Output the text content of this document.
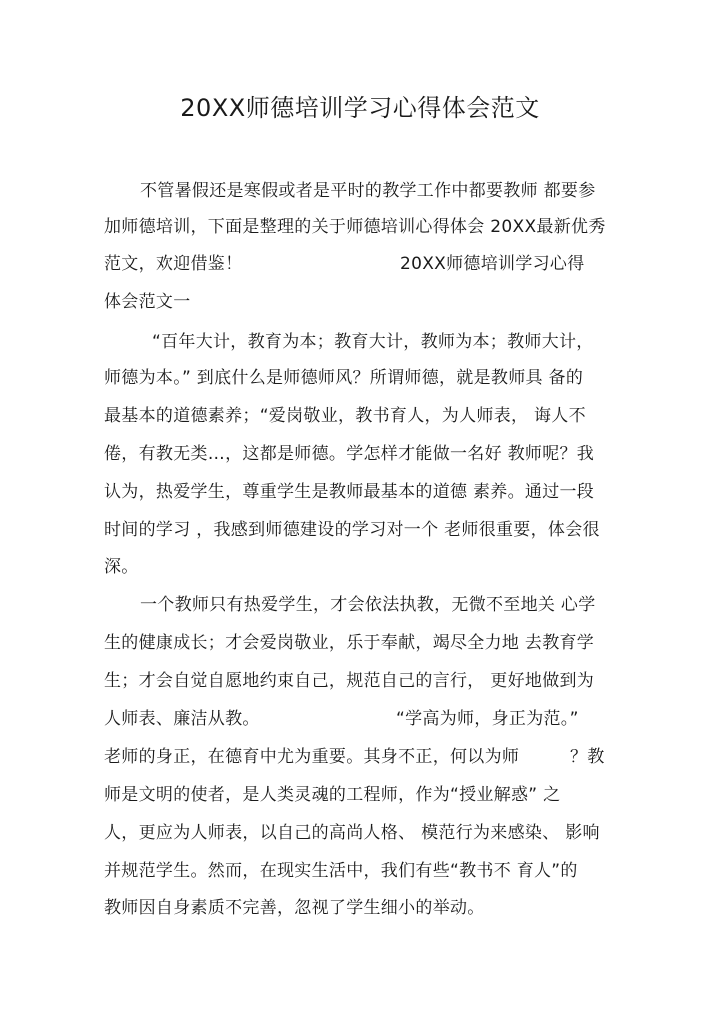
20XX师德培训学习心得体会范文
不管暑假还是寒假或者是平时的教学工作中都要教师 都要参
加师德培训，下面是整理的关于师德培训心得体会 20XX最新优秀
范文，欢迎借鉴！	20XX师德培训学习心得
体会范文一
“百年大计，教育为本；教育大计，教师为本；教师大计，
师德为本。” 到底什么是师德师风？所谓师德，就是教师具 备的
最基本的道德素养；“爱岗敬业，教书育人，为人师表， 诲人不
倦，有教无类…，这都是师德。学怎样才能做一名好 教师呢？我
认为，热爱学生，尊重学生是教师最基本的道德 素养。通过一段
时间的学习 ，我感到师德建设的学习对一个 老师很重要，体会很
深。
一个教师只有热爱学生，才会依法执教，无微不至地关 心学
生的健康成长；才会爱岗敬业，乐于奉献，竭尽全力地 去教育学
生；才会自觉自愿地约束自己，规范自己的言行， 更好地做到为
人师表、廉洁从教。	“学高为师，身正为范。”
老师的身正，在德育中尤为重要。其身不正，何以为师	？教
师是文明的使者，是人类灵魂的工程师，作为“授业解惑” 之
人，更应为人师表，以自己的高尚人格、 模范行为来感染、 影响
并规范学生。然而，在现实生活中，我们有些“教书不 育人”的
教师因自身素质不完善，忽视了学生细小的举动。
